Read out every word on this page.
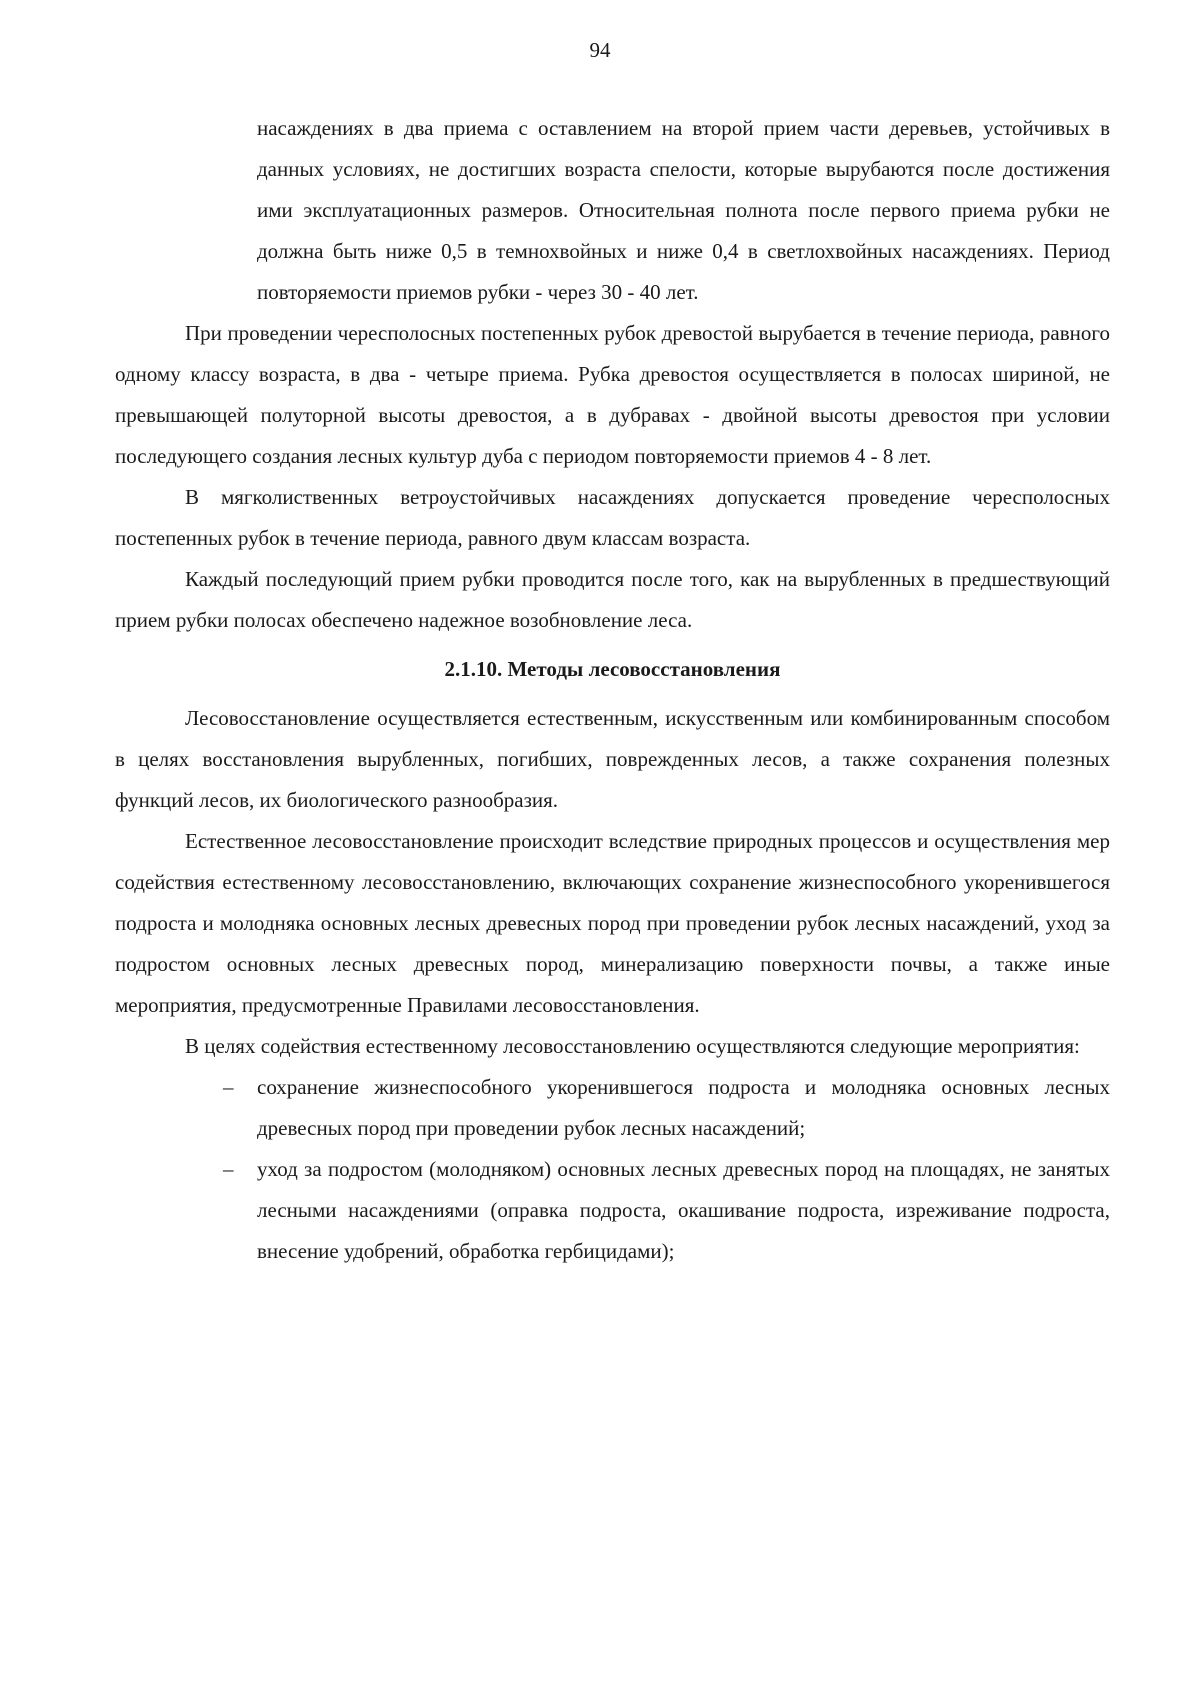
94

насаждениях в два приема с оставлением на второй прием части деревьев, устойчивых в данных условиях, не достигших возраста спелости, которые вырубаются после достижения ими эксплуатационных размеров. Относительная полнота после первого приема рубки не должна быть ниже 0,5 в темнохвойных и ниже 0,4 в светлохвойных насаждениях. Период повторяемости приемов рубки - через 30 - 40 лет.

При проведении чересполосных постепенных рубок древостой вырубается в течение периода, равного одному классу возраста, в два - четыре приема. Рубка древостоя осуществляется в полосах шириной, не превышающей полуторной высоты древостоя, а в дубравах - двойной высоты древостоя при условии последующего создания лесных культур дуба с периодом повторяемости приемов 4 - 8 лет.

В мягколиственных ветроустойчивых насаждениях допускается проведение чересполосных постепенных рубок в течение периода, равного двум классам возраста.

Каждый последующий прием рубки проводится после того, как на вырубленных в предшествующий прием рубки полосах обеспечено надежное возобновление леса.

2.1.10. Методы лесовосстановления

Лесовосстановление осуществляется естественным, искусственным или комбинированным способом в целях восстановления вырубленных, погибших, поврежденных лесов, а также сохранения полезных функций лесов, их биологического разнообразия.

Естественное лесовосстановление происходит вследствие природных процессов и осуществления мер содействия естественному лесовосстановлению, включающих сохранение жизнеспособного укоренившегося подроста и молодняка основных лесных древесных пород при проведении рубок лесных насаждений, уход за подростом основных лесных древесных пород, минерализацию поверхности почвы, а также иные мероприятия, предусмотренные Правилами лесовосстановления.

В целях содействия естественному лесовосстановлению осуществляются следующие мероприятия:

– сохранение жизнеспособного укоренившегося подроста и молодняка основных лесных древесных пород при проведении рубок лесных насаждений;
– уход за подростом (молодняком) основных лесных древесных пород на площадях, не занятых лесными насаждениями (оправка подроста, окашивание подроста, изреживание подроста, внесение удобрений, обработка гербицидами);
